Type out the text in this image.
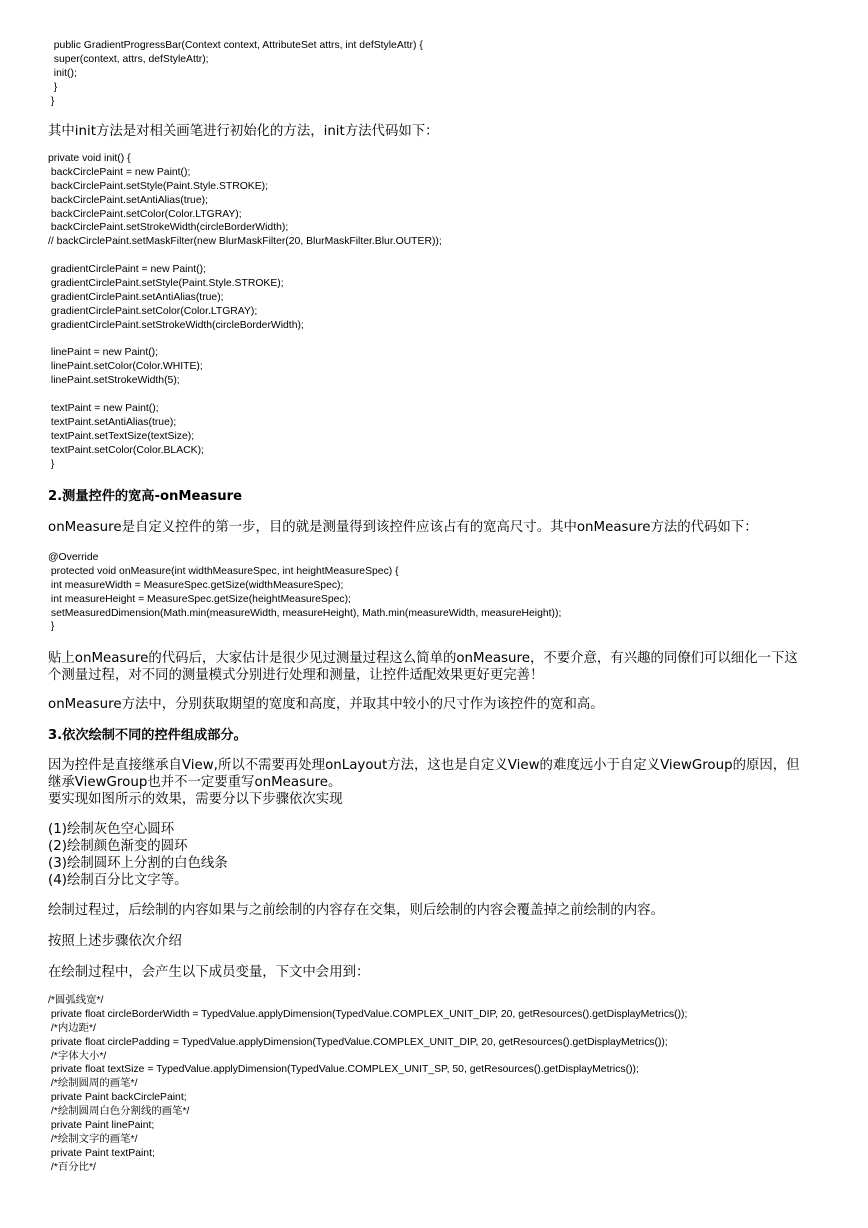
public GradientProgressBar(Context context, AttributeSet attrs, int defStyleAttr) {
super(context, attrs, defStyleAttr);
init();
}
}
其中init方法是对相关画笔进行初始化的方法，init方法代码如下：
private void init() {
backCirclePaint = new Paint();
backCirclePaint.setStyle(Paint.Style.STROKE);
backCirclePaint.setAntiAlias(true);
backCirclePaint.setColor(Color.LTGRAY);
backCirclePaint.setStrokeWidth(circleBorderWidth);
// backCirclePaint.setMaskFilter(new BlurMaskFilter(20, BlurMaskFilter.Blur.OUTER));
gradientCirclePaint = new Paint();
gradientCirclePaint.setStyle(Paint.Style.STROKE);
gradientCirclePaint.setAntiAlias(true);
gradientCirclePaint.setColor(Color.LTGRAY);
gradientCirclePaint.setStrokeWidth(circleBorderWidth);
linePaint = new Paint();
linePaint.setColor(Color.WHITE);
linePaint.setStrokeWidth(5);
textPaint = new Paint();
textPaint.setAntiAlias(true);
textPaint.setTextSize(textSize);
textPaint.setColor(Color.BLACK);
}
2.测量控件的宽高-onMeasure
onMeasure是自定义控件的第一步，目的就是测量得到该控件应该占有的宽高尺寸。其中onMeasure方法的代码如下：
@Override
protected void onMeasure(int widthMeasureSpec, int heightMeasureSpec) {
int measureWidth = MeasureSpec.getSize(widthMeasureSpec);
int measureHeight = MeasureSpec.getSize(heightMeasureSpec);
setMeasuredDimension(Math.min(measureWidth, measureHeight), Math.min(measureWidth, measureHeight));
}
贴上onMeasure的代码后，大家估计是很少见过测量过程这么简单的onMeasure，不要介意，有兴趣的同僚们可以细化一下这
个测量过程，对不同的测量模式分别进行处理和测量，让控件适配效果更好更完善！
onMeasure方法中，分别获取期望的宽度和高度，并取其中较小的尺寸作为该控件的宽和高。
3.依次绘制不同的控件组成部分。
因为控件是直接继承自View,所以不需要再处理onLayout方法，这也是自定义View的难度远小于自定义ViewGroup的原因，但
继承ViewGroup也并不一定要重写onMeasure。
要实现如图所示的效果，需要分以下步骤依次实现
(1)绘制灰色空心圆环
(2)绘制颜色渐变的圆环
(3)绘制圆环上分割的白色线条
(4)绘制百分比文字等。
绘制过程过，后绘制的内容如果与之前绘制的内容存在交集，则后绘制的内容会覆盖掉之前绘制的内容。
按照上述步骤依次介绍
在绘制过程中，会产生以下成员变量，下文中会用到：
/*圆弧线宽*/
private float circleBorderWidth = TypedValue.applyDimension(TypedValue.COMPLEX_UNIT_DIP, 20, getResources().getDisplayMetrics());
/*内边距*/
private float circlePadding = TypedValue.applyDimension(TypedValue.COMPLEX_UNIT_DIP, 20, getResources().getDisplayMetrics());
/*字体大小*/
private float textSize = TypedValue.applyDimension(TypedValue.COMPLEX_UNIT_SP, 50, getResources().getDisplayMetrics());
/*绘制圆周的画笔*/
private Paint backCirclePaint;
/*绘制圆周白色分割线的画笔*/
private Paint linePaint;
/*绘制文字的画笔*/
private Paint textPaint;
/*百分比*/
